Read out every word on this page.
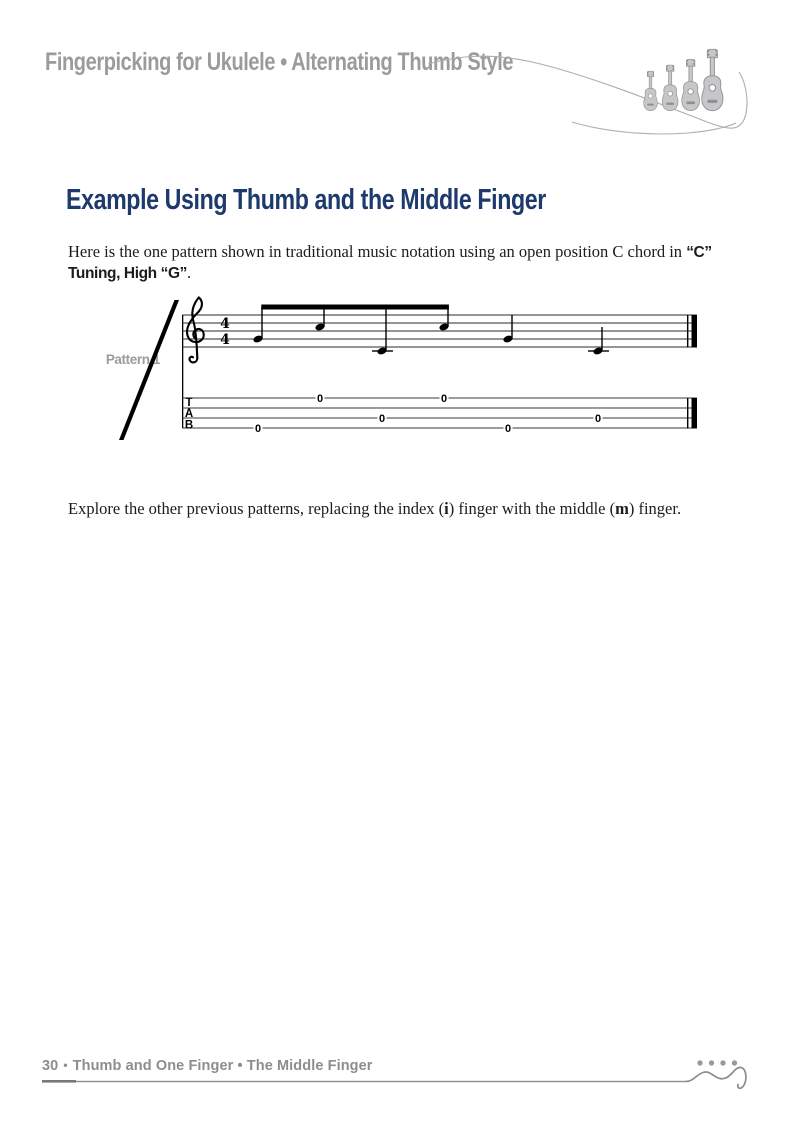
Fingerpicking for Ukulele • Alternating Thumb Style
Example Using Thumb and the Middle Finger

Here is the one pattern shown in traditional music notation using an open position C chord in “C” Tuning, High “G”.

Pattern 1
4
4
T
A
B	0
0
0
0
0
0

Explore the other previous patterns, replacing the index (i) finger with the middle (m) finger.

30 • Thumb and One Finger • The Middle Finger
